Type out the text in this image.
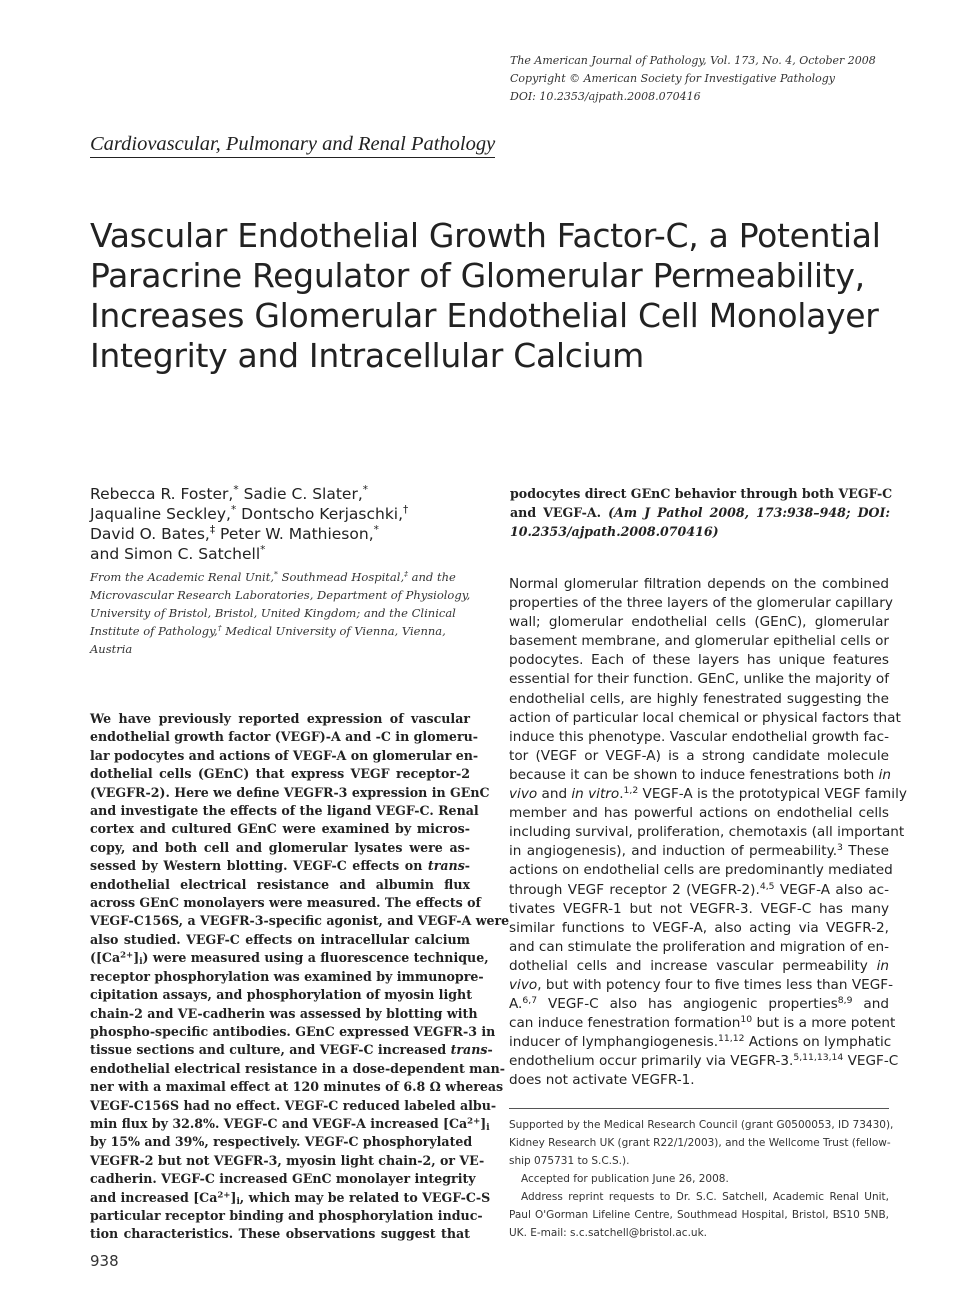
The American Journal of Pathology, Vol. 173, No. 4, October 2008
Copyright © American Society for Investigative Pathology
DOI: 10.2353/ajpath.2008.070416
Cardiovascular, Pulmonary and Renal Pathology
Vascular Endothelial Growth Factor-C, a Potential
Paracrine Regulator of Glomerular Permeability,
Increases Glomerular Endothelial Cell Monolayer
Integrity and Intracellular Calcium
Rebecca R. Foster,* Sadie C. Slater,*
Jaqualine Seckley,* Dontscho Kerjaschki,†
David O. Bates,‡ Peter W. Mathieson,*
and Simon C. Satchell*
From the Academic Renal Unit,* Southmead Hospital,‡ and the
Microvascular Research Laboratories, Department of Physiology,
University of Bristol, Bristol, United Kingdom; and the Clinical
Institute of Pathology,† Medical University of Vienna, Vienna,
Austria
We have previously reported expression of vascular
endothelial growth factor (VEGF)-A and -C in glomeru-
lar podocytes and actions of VEGF-A on glomerular en-
dothelial cells (GEnC) that express VEGF receptor-2
(VEGFR-2). Here we define VEGFR-3 expression in GEnC
and investigate the effects of the ligand VEGF-C. Renal
cortex and cultured GEnC were examined by micros-
copy, and both cell and glomerular lysates were as-
sessed by Western blotting. VEGF-C effects on trans-
endothelial electrical resistance and albumin flux
across GEnC monolayers were measured. The effects of
VEGF-C156S, a VEGFR-3-specific agonist, and VEGF-A were
also studied. VEGF-C effects on intracellular calcium
$([Ca^{2+}]_i)$ were measured using a fluorescence technique,
receptor phosphorylation was examined by immunopre-
cipitation assays, and phosphorylation of myosin light
chain-2 and VE-cadherin was assessed by blotting with
phospho-specific antibodies. GEnC expressed VEGFR-3 in
tissue sections and culture, and VEGF-C increased trans-
endothelial electrical resistance in a dose-dependent man-
ner with a maximal effect at 120 minutes of 6.8 Ω whereas
VEGF-C156S had no effect. VEGF-C reduced labeled albu-
min flux by 32.8%. VEGF-C and VEGF-A increased $[Ca^{2+}]_i$
by 15% and 39%, respectively. VEGF-C phosphorylated
VEGFR-2 but not VEGFR-3, myosin light chain-2, or VE-
cadherin. VEGF-C increased GEnC monolayer integrity
and increased $[Ca^{2+}]_i$, which may be related to VEGF-C-S
particular receptor binding and phosphorylation induc-
tion characteristics. These observations suggest that
podocytes direct GEnC behavior through both VEGF-C
and VEGF-A. (Am J Pathol 2008, 173:938–948; DOI:
10.2353/ajpath.2008.070416)
Normal glomerular filtration depends on the combined
properties of the three layers of the glomerular capillary
wall; glomerular endothelial cells (GEnC), glomerular
basement membrane, and glomerular epithelial cells or
podocytes. Each of these layers has unique features
essential for their function. GEnC, unlike the majority of
endothelial cells, are highly fenestrated suggesting the
action of particular local chemical or physical factors that
induce this phenotype. Vascular endothelial growth fac-
tor (VEGF or VEGF-A) is a strong candidate molecule
because it can be shown to induce fenestrations both in
vivo and in vitro.$^{1,2}$ VEGF-A is the prototypical VEGF family
member and has powerful actions on endothelial cells
including survival, proliferation, chemotaxis (all important
in angiogenesis), and induction of permeability.$^3$ These
actions on endothelial cells are predominantly mediated
through VEGF receptor 2 (VEGFR-2).$^{4,5}$ VEGF-A also ac-
tivates VEGFR-1 but not VEGFR-3. VEGF-C has many
similar functions to VEGF-A, also acting via VEGFR-2,
and can stimulate the proliferation and migration of en-
dothelial cells and increase vascular permeability in
vivo, but with potency four to five times less than VEGF-
A.$^{6,7}$ VEGF-C also has angiogenic properties$^{8,9}$ and
can induce fenestration formation$^{10}$ but is a more potent
inducer of lymphangiogenesis.$^{11,12}$ Actions on lymphatic
endothelium occur primarily via VEGFR-3.$^{5,11,13,14}$ VEGF-C
does not activate VEGFR-1.
Supported by the Medical Research Council (grant G0500053, ID 73430),
Kidney Research UK (grant R22/1/2003), and the Wellcome Trust (fellow-
ship 075731 to S.C.S.).
Accepted for publication June 26, 2008.
Address reprint requests to Dr. S.C. Satchell, Academic Renal Unit,
Paul O'Gorman Lifeline Centre, Southmead Hospital, Bristol, BS10 5NB,
UK. E-mail: s.c.satchell@bristol.ac.uk.
938
